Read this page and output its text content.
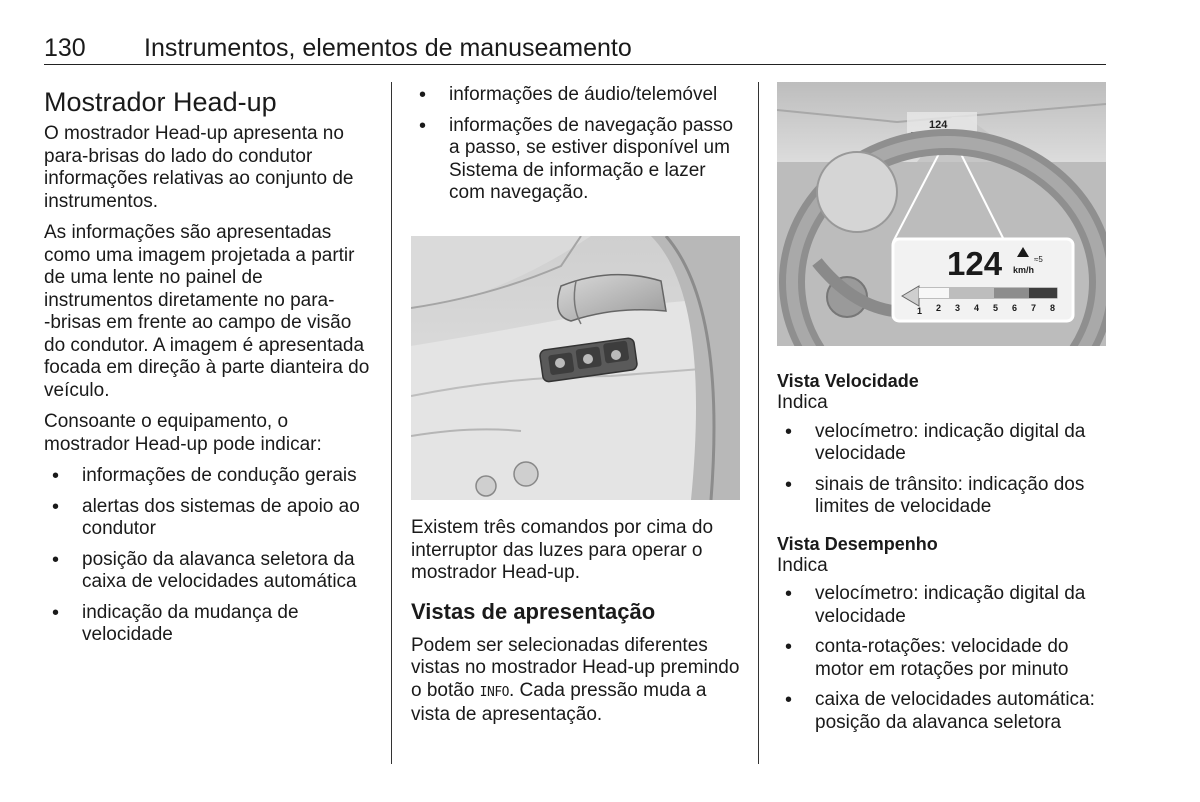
130 Instrumentos, elementos de manuseamento
Mostrador Head-up

O mostrador Head-up apresenta no para-brisas do lado do condutor informações relativas ao conjunto de instrumentos.

As informações são apresentadas como uma imagem projetada a partir de uma lente no painel de instrumentos diretamente no para-‑brisas em frente ao campo de visão do condutor. A imagem é apresentada focada em direção à parte dianteira do veículo.

Consoante o equipamento, o mostrador Head-up pode indicar:

• informações de condução gerais
• alertas dos sistemas de apoio ao condutor
• posição da alavanca seletora da caixa de velocidades automática
• indicação da mudança de velocidade
• informações de áudio/telemóvel
• informações de navegação passo a passo, se estiver disponível um Sistema de informação e lazer com navegação.

Existem três comandos por cima do interruptor das luzes para operar o mostrador Head-up.

Vistas de apresentação

Podem ser selecionadas diferentes vistas no mostrador Head-up premindo o botão INFO. Cada pressão muda a vista de apresentação.

124
124 km/h
≈5
1 2 3 4 5 6 7 8
Vista Velocidade

Indica

• velocímetro: indicação digital da velocidade
• sinais de trânsito: indicação dos limites de velocidade
Vista Desempenho

Indica

• velocímetro: indicação digital da velocidade
• conta-rotações: velocidade do motor em rotações por minuto
• caixa de velocidades automática: posição da alavanca seletora
